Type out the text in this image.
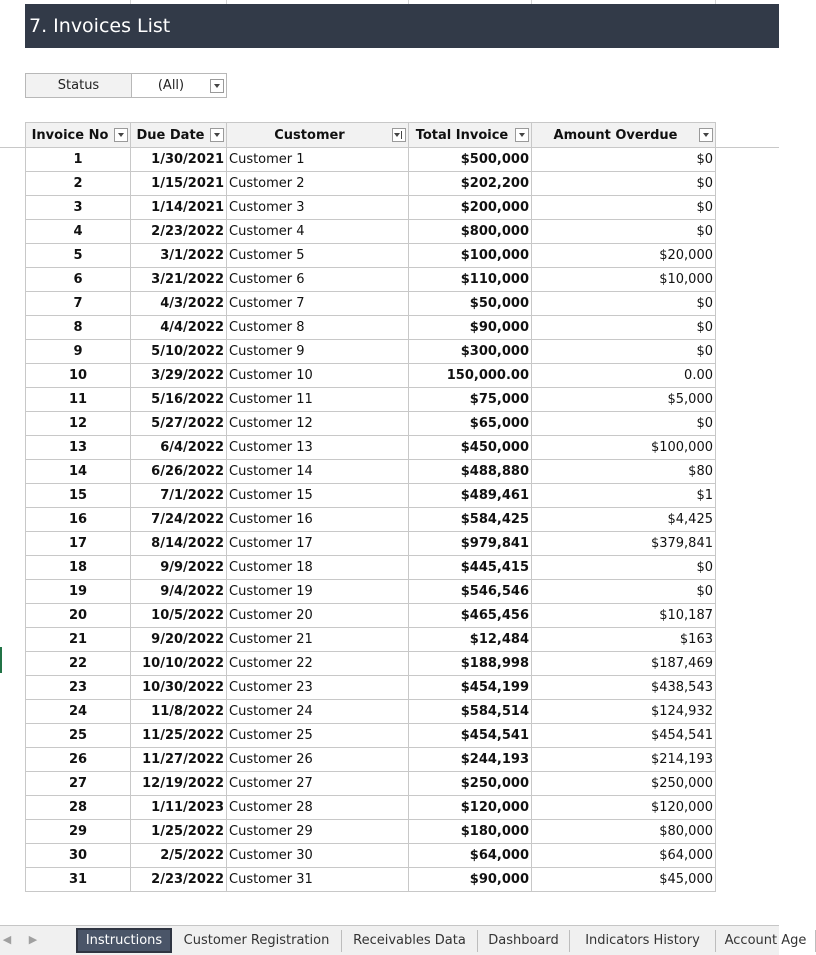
7. Invoices List
Status	(All)
Invoice No	Due Date	Customer	Total Invoice	Amount Overdue

1	1/30/2021	Customer 1	$500,000	$0
2	1/15/2021	Customer 2	$202,200	$0
3	1/14/2021	Customer 3	$200,000	$0
4	2/23/2022	Customer 4	$800,000	$0
5	3/1/2022	Customer 5	$100,000	$20,000
6	3/21/2022	Customer 6	$110,000	$10,000
7	4/3/2022	Customer 7	$50,000	$0
8	4/4/2022	Customer 8	$90,000	$0
9	5/10/2022	Customer 9	$300,000	$0
10	3/29/2022	Customer 10	150,000.00	0.00
11	5/16/2022	Customer 11	$75,000	$5,000
12	5/27/2022	Customer 12	$65,000	$0
13	6/4/2022	Customer 13	$450,000	$100,000
14	6/26/2022	Customer 14	$488,880	$80
15	7/1/2022	Customer 15	$489,461	$1
16	7/24/2022	Customer 16	$584,425	$4,425
17	8/14/2022	Customer 17	$979,841	$379,841
18	9/9/2022	Customer 18	$445,415	$0
19	9/4/2022	Customer 19	$546,546	$0
20	10/5/2022	Customer 20	$465,456	$10,187
21	9/20/2022	Customer 21	$12,484	$163
22	10/10/2022	Customer 22	$188,998	$187,469
23	10/30/2022	Customer 23	$454,199	$438,543
24	11/8/2022	Customer 24	$584,514	$124,932
25	11/25/2022	Customer 25	$454,541	$454,541
26	11/27/2022	Customer 26	$244,193	$214,193
27	12/19/2022	Customer 27	$250,000	$250,000
28	1/11/2023	Customer 28	$120,000	$120,000
29	1/25/2022	Customer 29	$180,000	$80,000
30	2/5/2022	Customer 30	$64,000	$64,000
31	2/23/2022	Customer 31	$90,000	$45,000
◀ ▶	Instructions	Customer Registration	Receivables Data	Dashboard	Indicators History	Account Age
